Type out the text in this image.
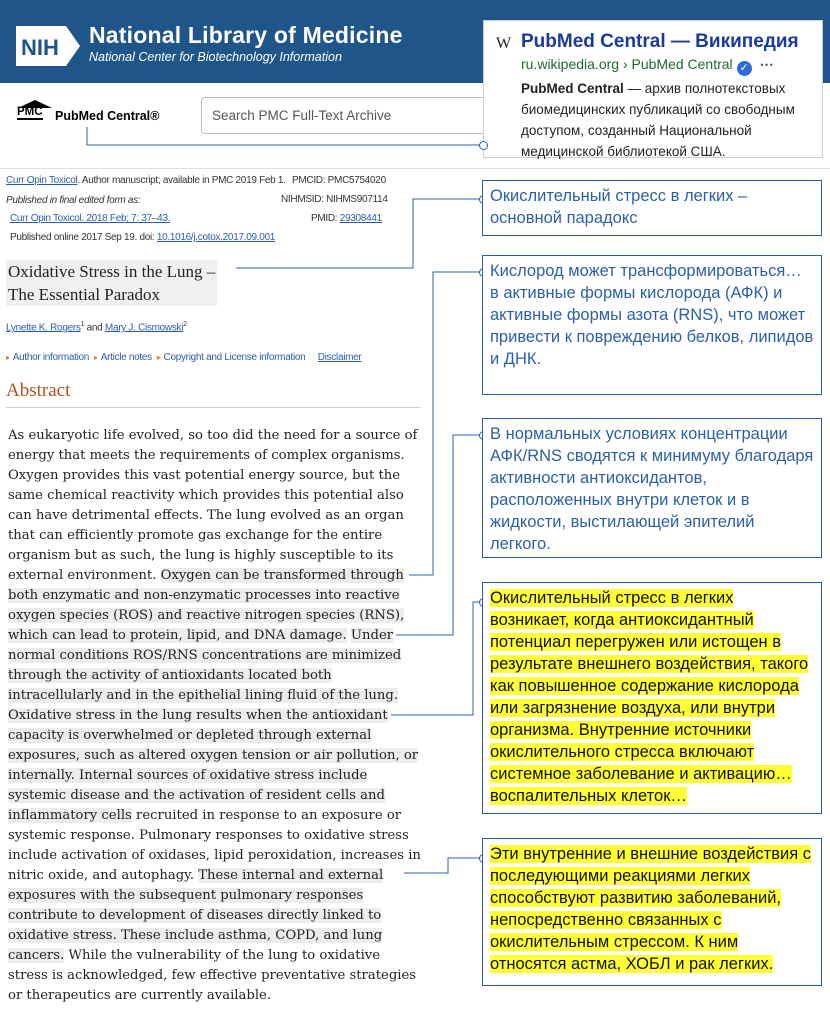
NIH National Library of Medicine
National Center for Biotechnology Information
PMC PubMed Central®
Search PMC Full-Text Archive
W PubMed Central — Википедия
ru.wikipedia.org › PubMed Central ✓ ⋯
PubMed Central — архив полнотекстовых биомедицинских публикаций со свободным доступом, созданный Национальной медицинской библиотекой США.
Curr Opin Toxicol. Author manuscript; available in PMC 2019 Feb 1.
Published in final edited form as:
Curr Opin Toxicol. 2018 Feb; 7: 37–43.
Published online 2017 Sep 19. doi: 10.1016/j.cotox.2017.09.001
PMCID: PMC5754020
NIHMSID: NIHMS907114
PMID: 29308441
Oxidative Stress in the Lung –
The Essential Paradox
Lynette K. Rogers$^1$ and Mary J. Cismowski$^2$
▸ Author information ▸ Article notes ▸ Copyright and License information Disclaimer
Abstract
As eukaryotic life evolved, so too did the need for a source of energy that meets the requirements of complex organisms. Oxygen provides this vast potential energy source, but the same chemical reactivity which provides this potential also can have detrimental effects. The lung evolved as an organ that can efficiently promote gas exchange for the entire organism but as such, the lung is highly susceptible to its external environment. Oxygen can be transformed through both enzymatic and non-enzymatic processes into reactive oxygen species (ROS) and reactive nitrogen species (RNS), which can lead to protein, lipid, and DNA damage. Under normal conditions ROS/RNS concentrations are minimized through the activity of antioxidants located both intracellularly and in the epithelial lining fluid of the lung. Oxidative stress in the lung results when the antioxidant capacity is overwhelmed or depleted through external exposures, such as altered oxygen tension or air pollution, or internally. Internal sources of oxidative stress include systemic disease and the activation of resident cells and inflammatory cells recruited in response to an exposure or systemic response. Pulmonary responses to oxidative stress include activation of oxidases, lipid peroxidation, increases in nitric oxide, and autophagy. These internal and external exposures with the subsequent pulmonary responses contribute to development of diseases directly linked to oxidative stress. These include asthma, COPD, and lung cancers. While the vulnerability of the lung to oxidative stress is acknowledged, few effective preventative strategies or therapeutics are currently available.
Окислительный стресс в легких – основной парадокс
Кислород может трансформироваться… в активные формы кислорода (АФК) и активные формы азота (RNS), что может привести к повреждению белков, липидов и ДНК.
В нормальных условиях концентрации АФК/RNS сводятся к минимуму благодаря активности антиоксидантов, расположенных внутри клеток и в жидкости, выстилающей эпителий легкого.
Окислительный стресс в легких возникает, когда антиоксидантный потенциал перегружен или истощен в результате внешнего воздействия, такого как повышенное содержание кислорода или загрязнение воздуха, или внутри организма. Внутренние источники окислительного стресса включают системное заболевание и активацию…воспалительных клеток…
Эти внутренние и внешние воздействия с последующими реакциями легких способствуют развитию заболеваний, непосредственно связанных с окислительным стрессом. К ним относятся астма, ХОБЛ и рак легких.
